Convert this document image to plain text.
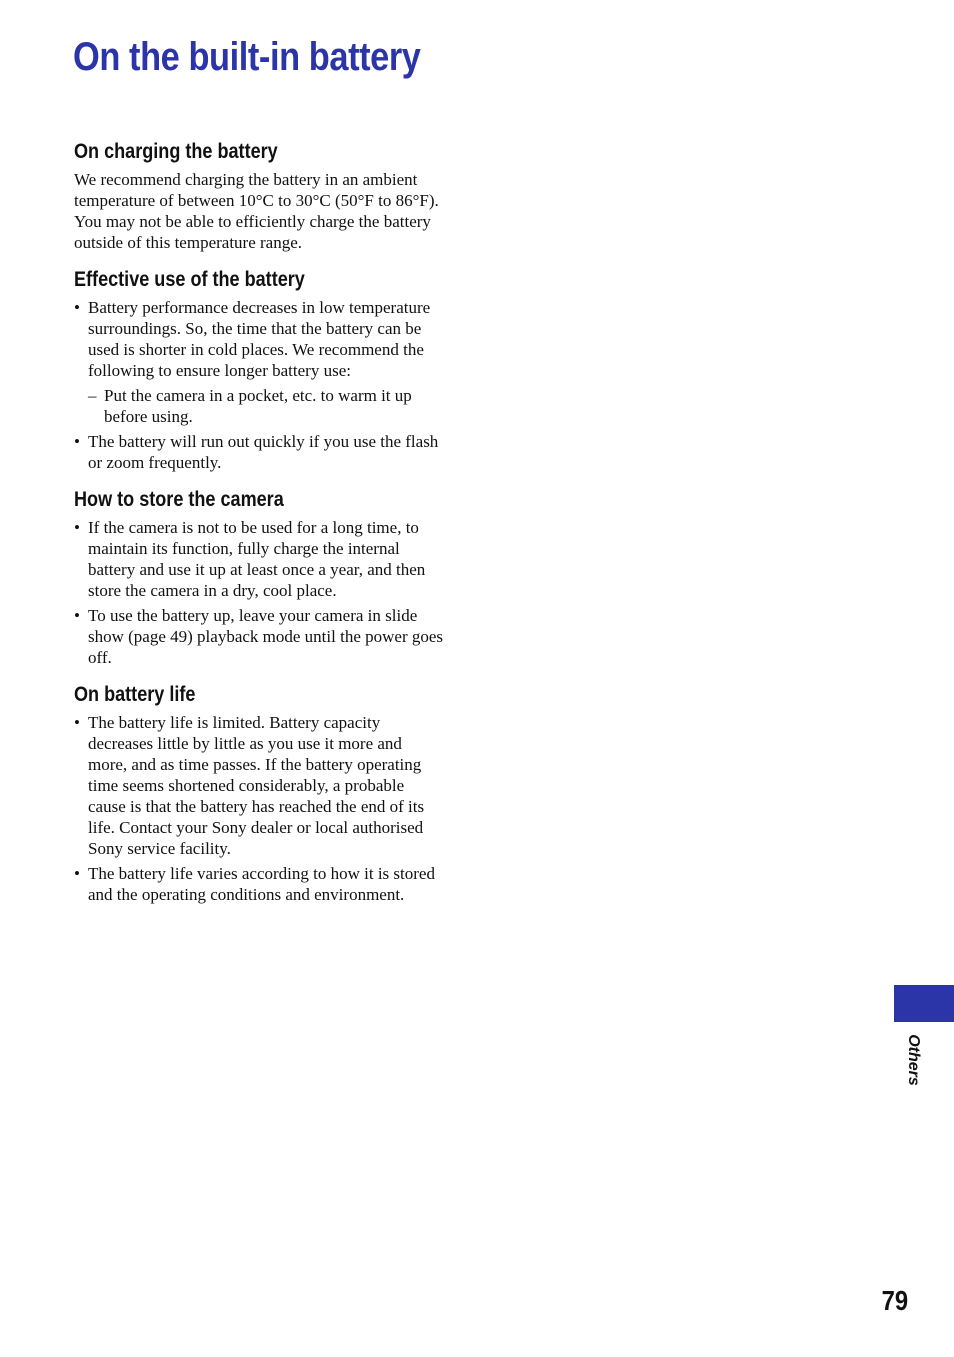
On the built-in battery
On charging the battery

We recommend charging the battery in an ambient temperature of between 10°C to 30°C (50°F to 86°F). You may not be able to efficiently charge the battery outside of this temperature range.

Effective use of the battery
• Battery performance decreases in low temperature surroundings. So, the time that the battery can be used is shorter in cold places. We recommend the following to ensure longer battery use:
– Put the camera in a pocket, etc. to warm it up before using.
• The battery will run out quickly if you use the flash or zoom frequently.
How to store the camera
• If the camera is not to be used for a long time, to maintain its function, fully charge the internal battery and use it up at least once a year, and then store the camera in a dry, cool place.
• To use the battery up, leave your camera in slide show (page 49) playback mode until the power goes off.
On battery life
• The battery life is limited. Battery capacity decreases little by little as you use it more and more, and as time passes. If the battery operating time seems shortened considerably, a probable cause is that the battery has reached the end of its life. Contact your Sony dealer or local authorised Sony service facility.
• The battery life varies according to how it is stored and the operating conditions and environment.
Others
79
